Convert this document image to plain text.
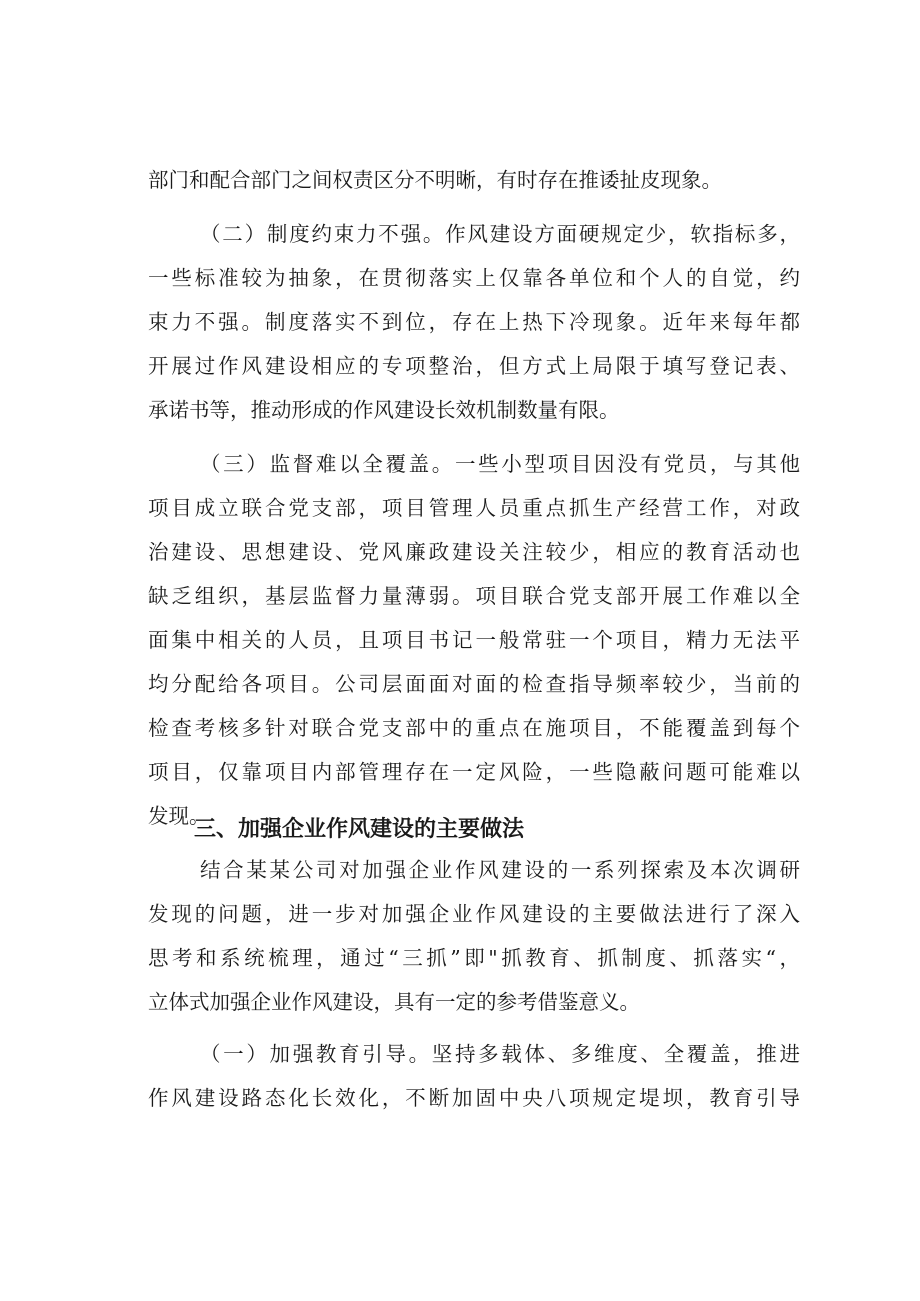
部门和配合部门之间权责区分不明晰，有时存在推诿扯皮现象。

（二）制度约束力不强。作风建设方面硬规定少，软指标多，

一些标准较为抽象，在贯彻落实上仅靠各单位和个人的自觉，约

束力不强。制度落实不到位，存在上热下冷现象。近年来每年都

开展过作风建设相应的专项整治，但方式上局限于填写登记表、

承诺书等，推动形成的作风建设长效机制数量有限。

（三）监督难以全覆盖。一些小型项目因没有党员，与其他

项目成立联合党支部，项目管理人员重点抓生产经营工作，对政

治建设、思想建设、党风廉政建设关注较少，相应的教育活动也

缺乏组织，基层监督力量薄弱。项目联合党支部开展工作难以全

面集中相关的人员，且项目书记一般常驻一个项目，精力无法平

均分配给各项目。公司层面面对面的检查指导频率较少，当前的

检查考核多针对联合党支部中的重点在施项目，不能覆盖到每个

项目，仅靠项目内部管理存在一定风险，一些隐蔽问题可能难以

发现。

三、加强企业作风建设的主要做法

结合某某公司对加强企业作风建设的一系列探索及本次调研

发现的问题，进一步对加强企业作风建设的主要做法进行了深入

思考和系统梳理，通过“三抓”即"抓教育、抓制度、抓落实“，

立体式加强企业作风建设，具有一定的参考借鉴意义。

（一）加强教育引导。坚持多载体、多维度、全覆盖，推进

作风建设路态化长效化，不断加固中央八项规定堤坝，教育引导
